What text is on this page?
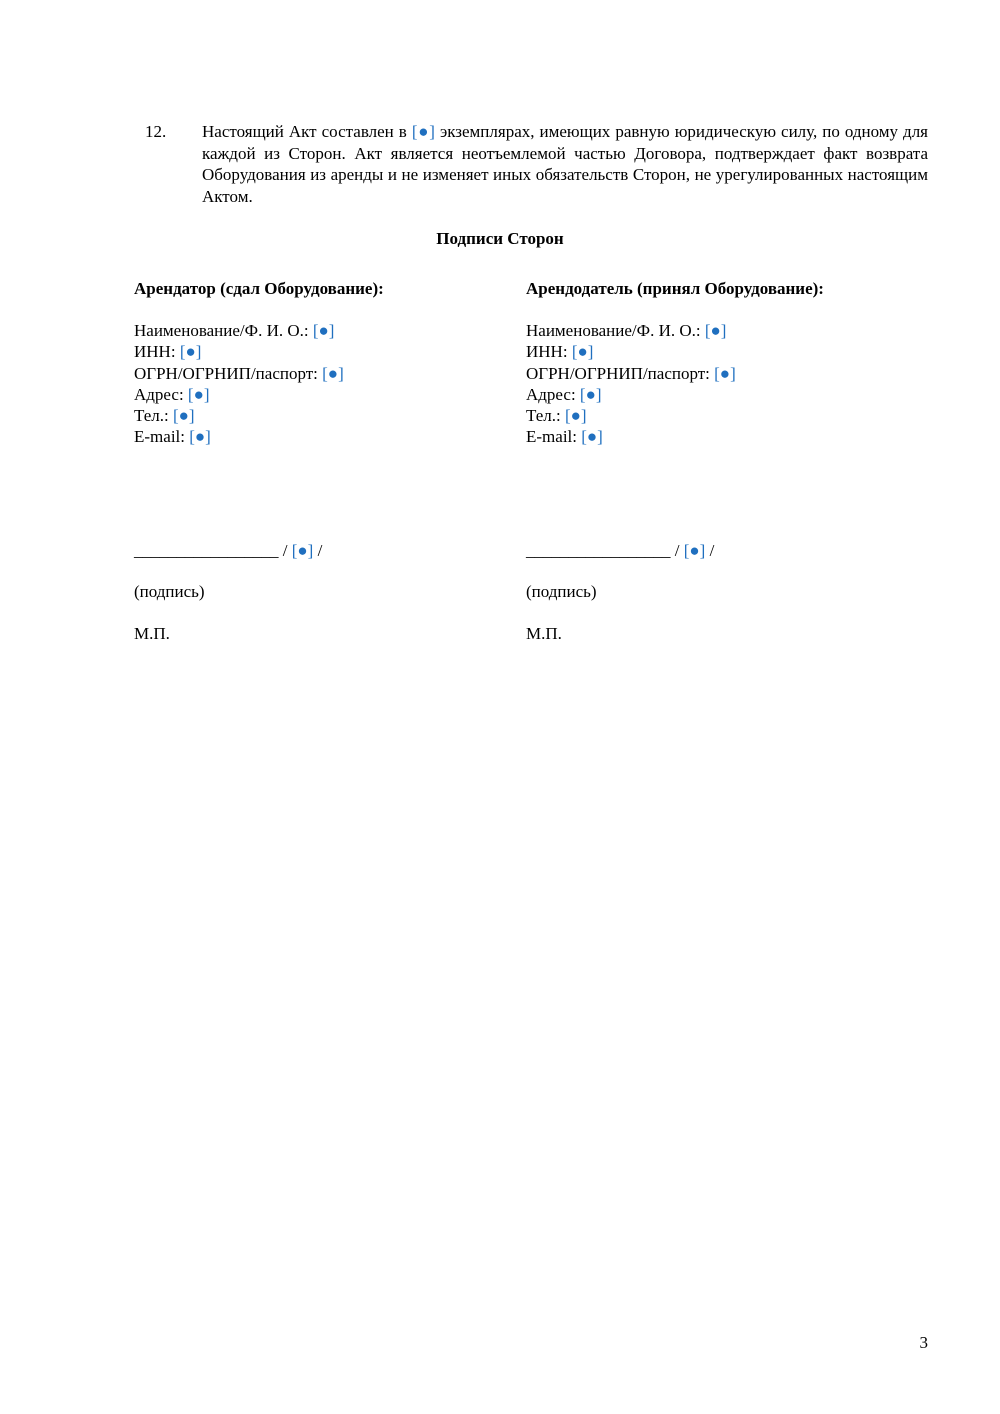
12. Настоящий Акт составлен в [●] экземплярах, имеющих равную юридическую силу, по одному для каждой из Сторон. Акт является неотъемлемой частью Договора, подтверждает факт возврата Оборудования из аренды и не изменяет иных обязательств Сторон, не урегулированных настоящим Актом.
Подписи Сторон
Арендатор (сдал Оборудование):
Наименование/Ф. И. О.: [●]
ИНН: [●]
ОГРН/ОГРНИП/паспорт: [●]
Адрес: [●]
Тел.: [●]
E-mail: [●]
Арендодатель (принял Оборудование):
Наименование/Ф. И. О.: [●]
ИНН: [●]
ОГРН/ОГРНИП/паспорт: [●]
Адрес: [●]
Тел.: [●]
E-mail: [●]
_________________ / [●] /	_________________ / [●] /
(подпись)	(подпись)
М.П.	М.П.
3
